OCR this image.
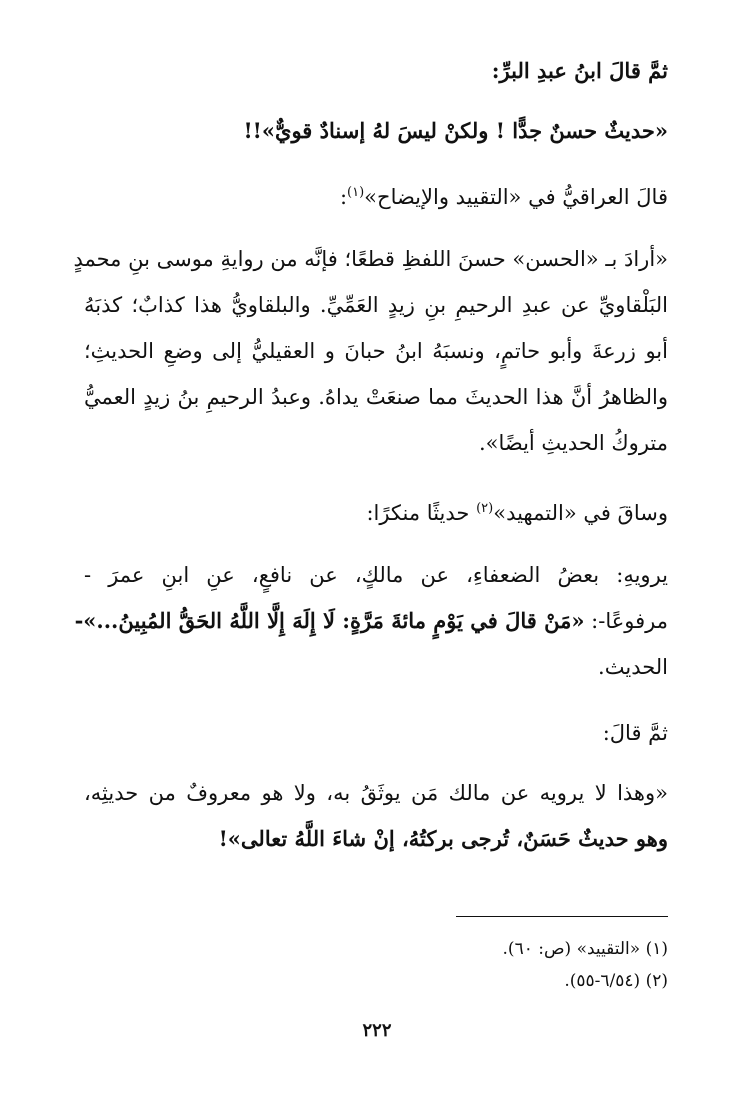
ثمَّ قالَ ابنُ عبدِ البرِّ:
«حديثٌ حسنٌ جدًّا ! ولكنْ ليسَ لهُ إسنادٌ قويٌّ»!!
قالَ العراقيُّ في «التقييد والإيضاح»$^{(١)}$:
«أرادَ بـ «الحسن» حسنَ اللفظِ قطعًا؛ فإنَّه من روايةِ موسى بنِ محمدٍ
البَلْقاويِّ عن عبدِ الرحيمِ بنِ زيدٍ العَمِّيِّ. والبلقاويُّ هذا كذابٌ؛ كذبَهُ
أبو زرعةَ وأبو حاتمٍ، ونسبَهُ ابنُ حبانَ و العقيليُّ إلى وضعِ الحديثِ؛
والظاهرُ أنَّ هذا الحديثَ مما صنعَتْ يداهُ. وعبدُ الرحيمِ بنُ زيدٍ العميُّ
متروكُ الحديثِ أيضًا».
وساقَ في «التمهيد»$^{(٢)}$ حديثًا منكرًا:
يرويهِ: بعضُ الضعفاءِ، عن مالكٍ، عن نافعٍ، عنِ ابنِ عمرَ -
مرفوعًا-: «مَنْ قالَ في يَوْمٍ مائةَ مَرَّةٍ: لَا إِلَهَ إِلَّا اللَّهُ الحَقُّ المُبِينُ...»-
الحديث.
ثمَّ قالَ:
«وهذا لا يرويه عن مالك مَن يوثَقُ به، ولا هو معروفٌ من حديثِه،
وهو حديثٌ حَسَنٌ، تُرجى بركتُهُ، إنْ شاءَ اللَّهُ تعالى»!
(١) «التقييد» (ص: ٦٠).
(٢) (٦/٥٤-٥٥).
٢٢٢
